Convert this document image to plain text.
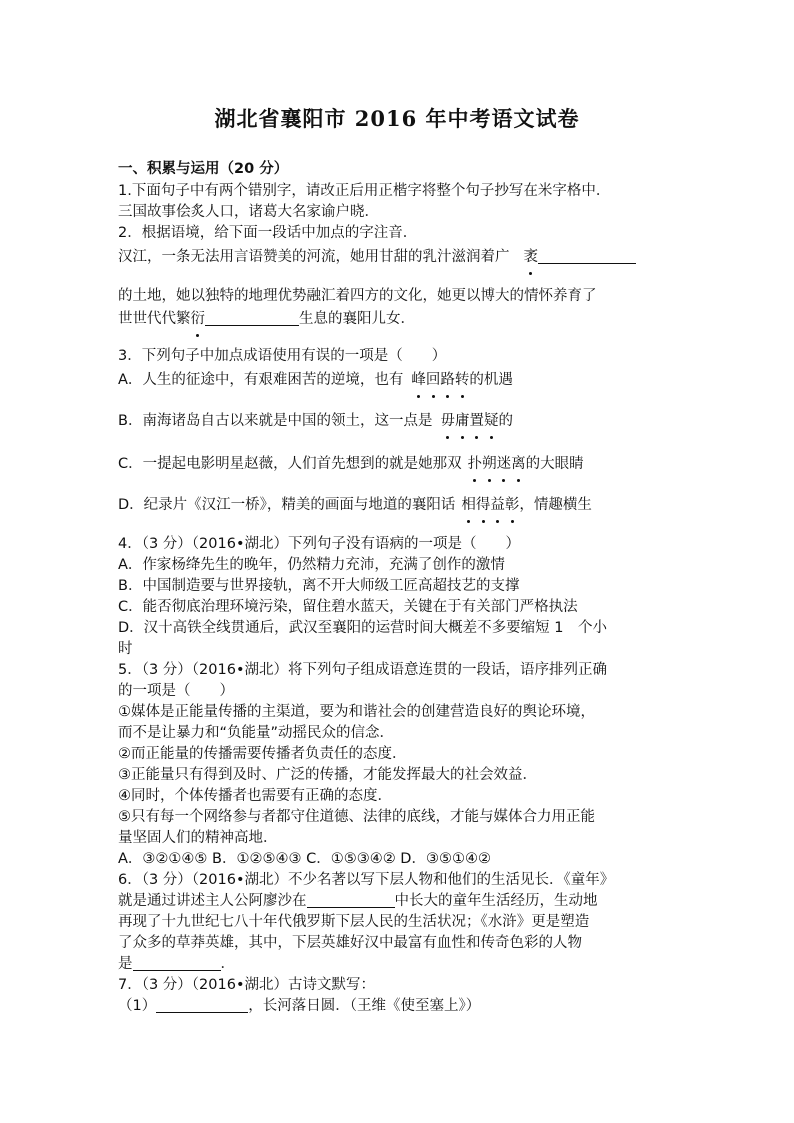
湖北省襄阳市 2016 年中考语文试卷
一、积累与运用（20 分）
1.下面句子中有两个错别字，请改正后用正楷字将整个句子抄写在米字格中．
三国故事侩炙人口，诸葛大名家谕户晓．
2．根据语境，给下面一段话中加点的字注音．
汉江，一条无法用言语赞美的河流，她用甘甜的乳汁滋润着广 袤
的土地，她以独特的地理优势融汇着四方的文化，她更以博大的情怀养育了
世世代代繁衍	生息的襄阳儿女．
3．下列句子中加点成语使用有误的一项是（　　）
A．人生的征途中，有艰难困苦的逆境，也有 峰回路转的机遇
B．南海诸岛自古以来就是中国的领土，这一点是 毋庸置疑的
C．一提起电影明星赵薇，人们首先想到的就是她那双 扑朔迷离的大眼睛
D．纪录片《汉江一桥》，精美的画面与地道的襄阳话 相得益彰，情趣横生
4．（3 分）（2016•湖北）下列句子没有语病的一项是（　　）
A．作家杨绛先生的晚年，仍然精力充沛，充满了创作的激情
B．中国制造要与世界接轨，离不开大师级工匠高超技艺的支撑
C．能否彻底治理环境污染，留住碧水蓝天，关键在于有关部门严格执法
D．汉十高铁全线贯通后，武汉至襄阳的运营时间大概差不多要缩短 1　个小
时
5．（3 分）（2016•湖北）将下列句子组成语意连贯的一段话，语序排列正确
的一项是（　　）
①媒体是正能量传播的主渠道，要为和谐社会的创建营造良好的舆论环境，
而不是让暴力和“负能量”动摇民众的信念．
②而正能量的传播需要传播者负责任的态度．
③正能量只有得到及时、广泛的传播，才能发挥最大的社会效益．
④同时，个体传播者也需要有正确的态度．
⑤只有每一个网络参与者都守住道德、法律的底线，才能与媒体合力用正能
量坚固人们的精神高地．
A．③②①④⑤ B．①②⑤④③ C．①⑤③④② D．③⑤①④②
6．（3 分）（2016•湖北）不少名著以写下层人物和他们的生活见长．《童年》
就是通过讲述主人公阿廖沙在	中长大的童年生活经历，生动地
再现了十九世纪七八十年代俄罗斯下层人民的生活状况；《水浒》更是塑造
了众多的草莽英雄，其中，下层英雄好汉中最富有血性和传奇色彩的人物
是	．
7．（3 分）（2016•湖北）古诗文默写：
（1）	，长河落日圆．（王维《使至塞上》）
